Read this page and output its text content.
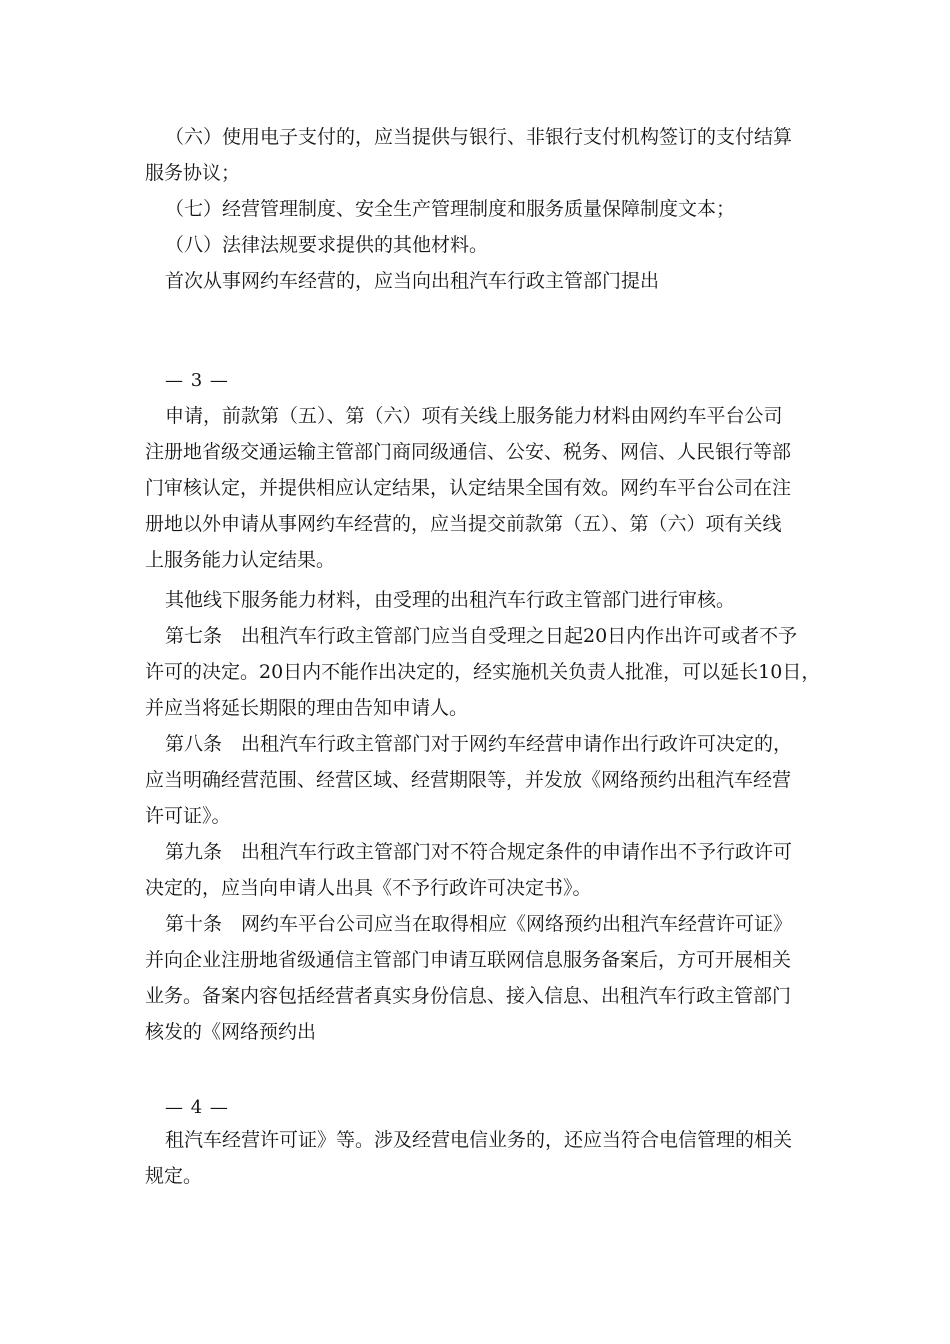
（六）使用电子支付的，应当提供与银行、非银行支付机构签订的支付结算
服务协议；
（七）经营管理制度、安全生产管理制度和服务质量保障制度文本；
（八）法律法规要求提供的其他材料。
首次从事网约车经营的，应当向出租汽车行政主管部门提出
— 3 —
申请，前款第（五）、第（六）项有关线上服务能力材料由网约车平台公司
注册地省级交通运输主管部门商同级通信、公安、税务、网信、人民银行等部
门审核认定，并提供相应认定结果，认定结果全国有效。网约车平台公司在注
册地以外申请从事网约车经营的，应当提交前款第（五）、第（六）项有关线
上服务能力认定结果。
其他线下服务能力材料，由受理的出租汽车行政主管部门进行审核。
第七条　出租汽车行政主管部门应当自受理之日起20日内作出许可或者不予
许可的决定。20日内不能作出决定的，经实施机关负责人批准，可以延长10日，
并应当将延长期限的理由告知申请人。
第八条　出租汽车行政主管部门对于网约车经营申请作出行政许可决定的，
应当明确经营范围、经营区域、经营期限等，并发放《网络预约出租汽车经营
许可证》。
第九条　出租汽车行政主管部门对不符合规定条件的申请作出不予行政许可
决定的，应当向申请人出具《不予行政许可决定书》。
第十条　网约车平台公司应当在取得相应《网络预约出租汽车经营许可证》
并向企业注册地省级通信主管部门申请互联网信息服务备案后，方可开展相关
业务。备案内容包括经营者真实身份信息、接入信息、出租汽车行政主管部门
核发的《网络预约出
— 4 —
租汽车经营许可证》等。涉及经营电信业务的，还应当符合电信管理的相关
规定。
